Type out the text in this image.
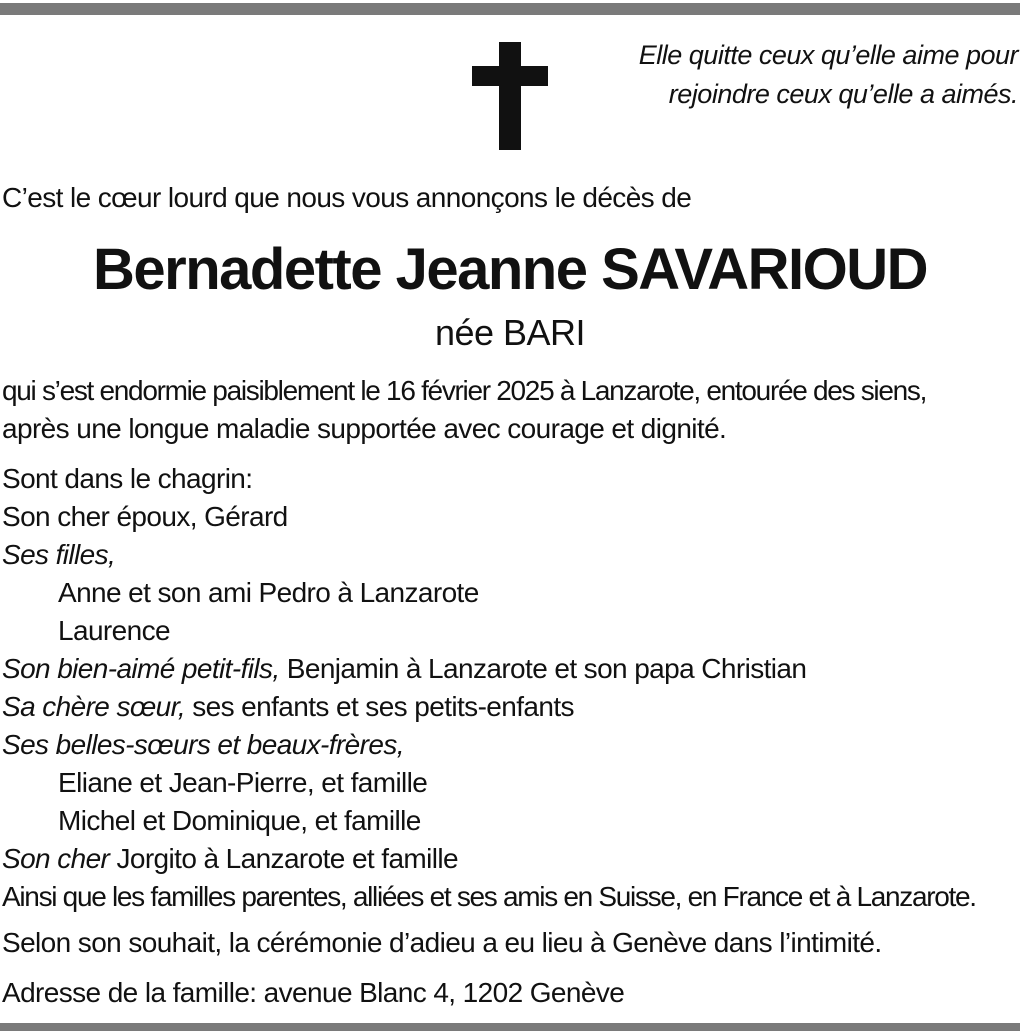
Elle quitte ceux qu’elle aime pour
rejoindre ceux qu’elle a aimés.
C’est le cœur lourd que nous vous annonçons le décès de
Bernadette Jeanne SAVARIOUD
née BARI
qui s’est endormie paisiblement le 16 février 2025 à Lanzarote, entourée des siens,
après une longue maladie supportée avec courage et dignité.
Sont dans le chagrin:
Son cher époux, Gérard
Ses filles,
Anne et son ami Pedro à Lanzarote
Laurence
Son bien-aimé petit-fils, Benjamin à Lanzarote et son papa Christian
Sa chère sœur, ses enfants et ses petits-enfants
Ses belles-sœurs et beaux-frères,
Eliane et Jean-Pierre, et famille
Michel et Dominique, et famille
Son cher Jorgito à Lanzarote et famille
Ainsi que les familles parentes, alliées et ses amis en Suisse, en France et à Lanzarote.
Selon son souhait, la cérémonie d’adieu a eu lieu à Genève dans l’intimité.
Adresse de la famille: avenue Blanc 4, 1202 Genève
